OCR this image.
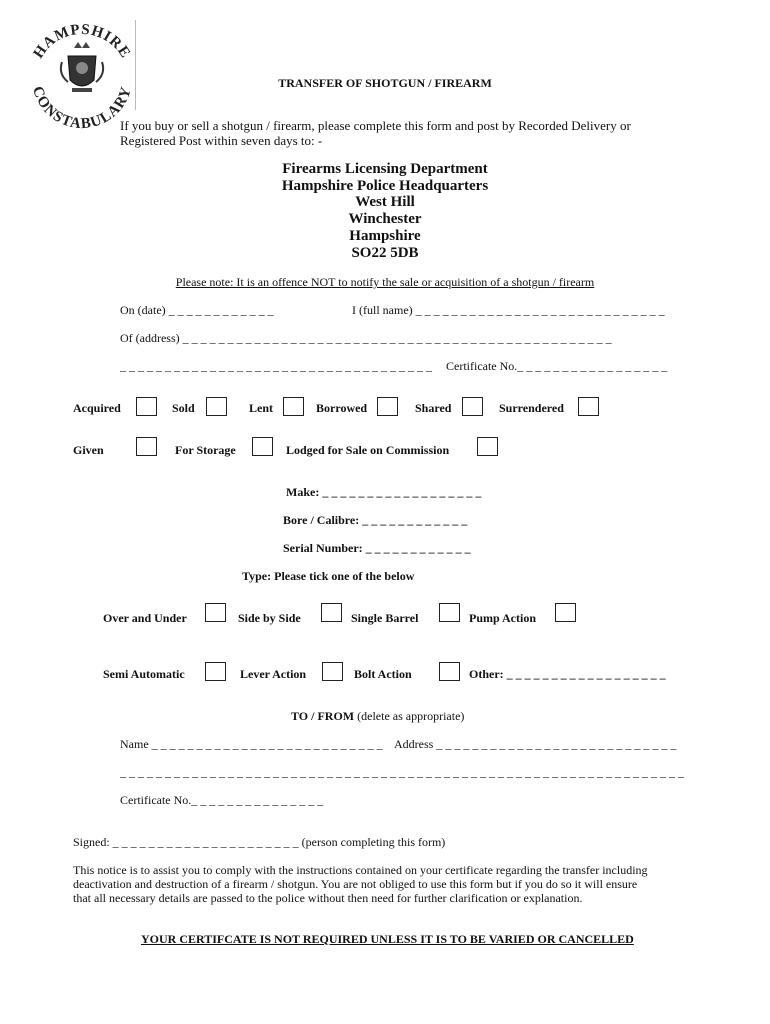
HAMPSHIRE
CONSTABULARY
TRANSFER OF SHOTGUN / FIREARM
If you buy or sell a shotgun / firearm, please complete this form and post by Recorded Delivery or
Registered Post within seven days to: -
Firearms Licensing Department
Hampshire Police Headquarters
West Hill
Winchester
Hampshire
SO22 5DB
Please note: It is an offence NOT to notify the sale or acquisition of a shotgun / firearm
On (date) _ _ _ _ _ _ _ _ _ _ _ _	I (full name) _ _ _ _ _ _ _ _ _ _ _ _ _ _ _ _ _ _ _ _ _ _ _ _ _ _ _ _
Of (address) _ _ _ _ _ _ _ _ _ _ _ _ _ _ _ _ _ _ _ _ _ _ _ _ _ _ _ _ _ _ _ _ _ _ _ _ _ _ _ _ _ _ _ _ _ _ _ _
_ _ _ _ _ _ _ _ _ _ _ _ _ _ _ _ _ _ _ _ _ _ _ _ _ _ _ _ _ _ _ _ _ _ _ Certificate No._ _ _ _ _ _ _ _ _ _ _ _ _ _ _ _ _
Acquired	Sold	Lent	Borrowed	Shared	Surrendered
Given	For Storage	Lodged for Sale on Commission
Make: _ _ _ _ _ _ _ _ _ _ _ _ _ _ _ _ _ _
Bore / Calibre: _ _ _ _ _ _ _ _ _ _ _ _
Serial Number: _ _ _ _ _ _ _ _ _ _ _ _
Type: Please tick one of the below
Over and Under	Side by Side	Single Barrel	Pump Action
Semi Automatic	Lever Action	Bolt Action	Other: _ _ _ _ _ _ _ _ _ _ _ _ _ _ _ _ _ _
TO / FROM (delete as appropriate)
Name _ _ _ _ _ _ _ _ _ _ _ _ _ _ _ _ _ _ _ _ _ _ _ _ _ _ Address _ _ _ _ _ _ _ _ _ _ _ _ _ _ _ _ _ _ _ _ _ _ _ _ _ _ _
_ _ _ _ _ _ _ _ _ _ _ _ _ _ _ _ _ _ _ _ _ _ _ _ _ _ _ _ _ _ _ _ _ _ _ _ _ _ _ _ _ _ _ _ _ _ _ _ _ _ _ _ _ _ _ _ _ _ _ _ _ _ _
Certificate No._ _ _ _ _ _ _ _ _ _ _ _ _ _ _
Signed: _ _ _ _ _ _ _ _ _ _ _ _ _ _ _ _ _ _ _ _ _ (person completing this form)
This notice is to assist you to comply with the instructions contained on your certificate regarding the transfer including
deactivation and destruction of a firearm / shotgun. You are not obliged to use this form but if you do so it will ensure
that all necessary details are passed to the police without then need for further clarification or explanation.
YOUR CERTIFCATE IS NOT REQUIRED UNLESS IT IS TO BE VARIED OR CANCELLED
